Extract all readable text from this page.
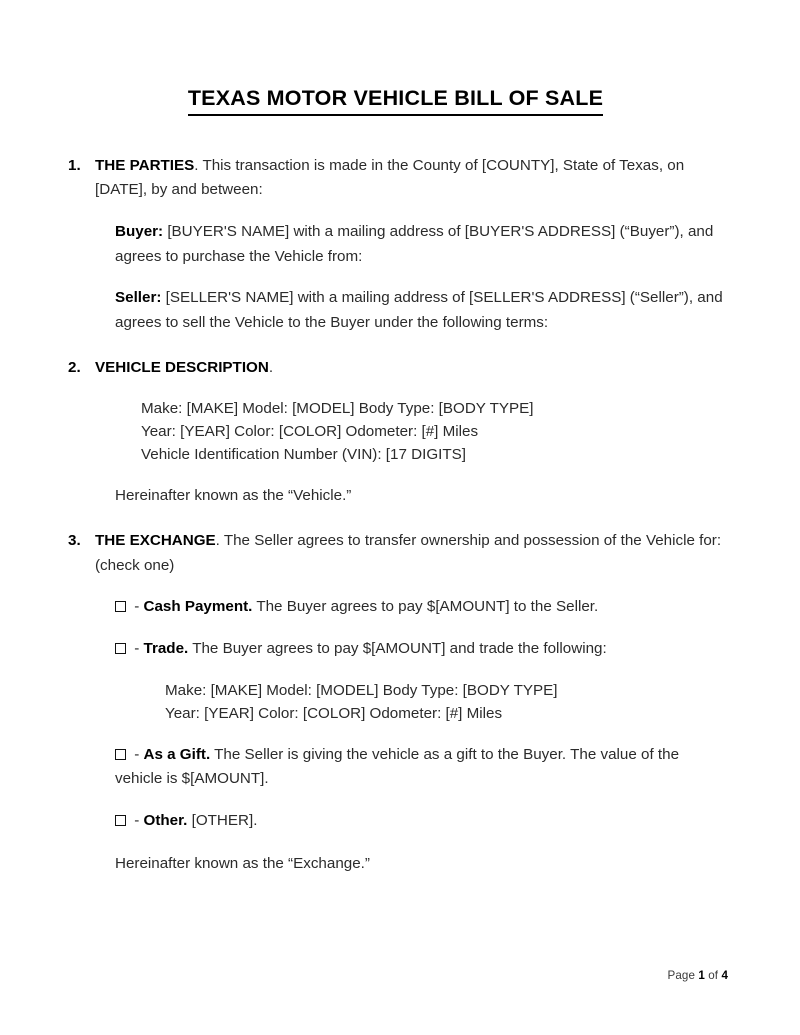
TEXAS MOTOR VEHICLE BILL OF SALE
1. THE PARTIES. This transaction is made in the County of [COUNTY], State of Texas, on [DATE], by and between:
Buyer: [BUYER'S NAME] with a mailing address of [BUYER'S ADDRESS] (“Buyer”), and agrees to purchase the Vehicle from:
Seller: [SELLER'S NAME] with a mailing address of [SELLER'S ADDRESS] (“Seller”), and agrees to sell the Vehicle to the Buyer under the following terms:
2. VEHICLE DESCRIPTION.
Make: [MAKE] Model: [MODEL] Body Type: [BODY TYPE]
Year: [YEAR] Color: [COLOR] Odometer: [#] Miles
Vehicle Identification Number (VIN): [17 DIGITS]
Hereinafter known as the “Vehicle.”
3. THE EXCHANGE. The Seller agrees to transfer ownership and possession of the Vehicle for: (check one)
- Cash Payment. The Buyer agrees to pay $[AMOUNT] to the Seller.
- Trade. The Buyer agrees to pay $[AMOUNT] and trade the following:
Make: [MAKE] Model: [MODEL] Body Type: [BODY TYPE]
Year: [YEAR] Color: [COLOR] Odometer: [#] Miles
- As a Gift. The Seller is giving the vehicle as a gift to the Buyer. The value of the vehicle is $[AMOUNT].
- Other. [OTHER].
Hereinafter known as the “Exchange.”
Page 1 of 4
